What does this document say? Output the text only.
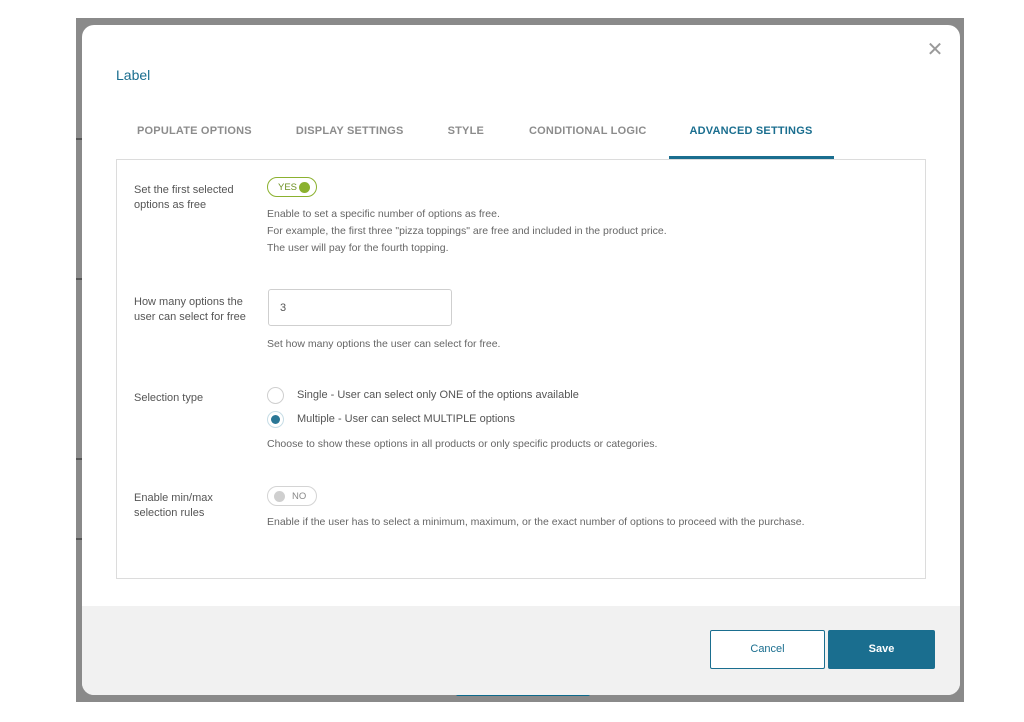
✕
Label
POPULATE OPTIONS	DISPLAY SETTINGS	STYLE	CONDITIONAL LOGIC	ADVANCED SETTINGS
Set the first selected options as free
YES
Enable to set a specific number of options as free.
For example, the first three "pizza toppings" are free and included in the product price.
The user will pay for the fourth topping.
How many options the user can select for free
3
Set how many options the user can select for free.
Selection type	Single - User can select only ONE of the options available
Multiple - User can select MULTIPLE options
Choose to show these options in all products or only specific products or categories.
Enable min/max selection rules
NO
Enable if the user has to select a minimum, maximum, or the exact number of options to proceed with the purchase.
Cancel	Save
